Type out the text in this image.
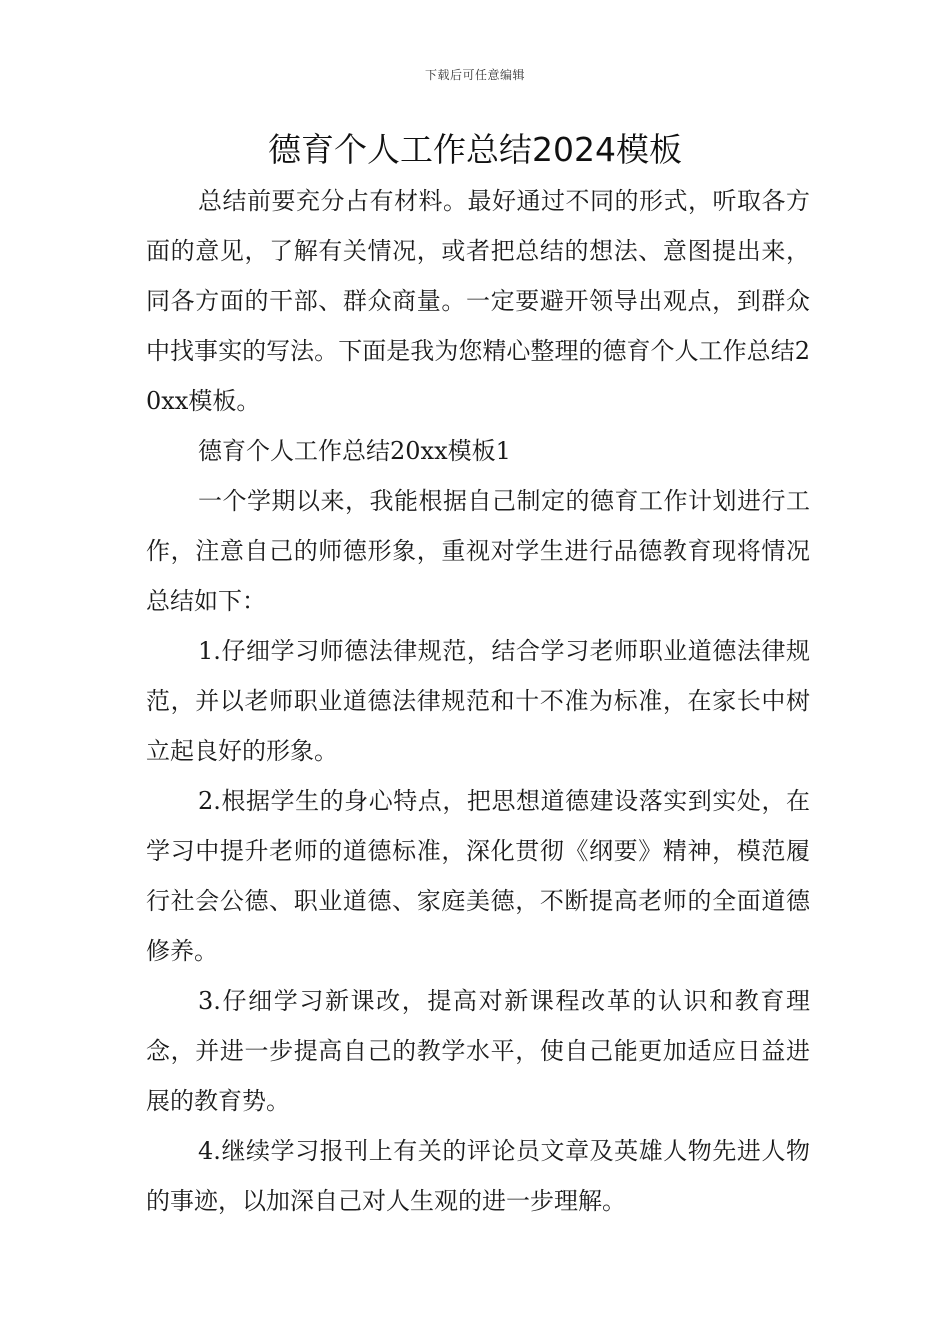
下载后可任意编辑
德育个人工作总结2024模板

总结前要充分占有材料。最好通过不同的形式，听取各方面的意见，了解有关情况，或者把总结的想法、意图提出来，同各方面的干部、群众商量。一定要避开领导出观点，到群众中找事实的写法。下面是我为您精心整理的德育个人工作总结20xx模板。

德育个人工作总结20xx模板1

一个学期以来，我能根据自己制定的德育工作计划进行工作，注意自己的师德形象，重视对学生进行品德教育现将情况总结如下：

1.仔细学习师德法律规范，结合学习老师职业道德法律规范，并以老师职业道德法律规范和十不准为标准，在家长中树立起良好的形象。

2.根据学生的身心特点，把思想道德建设落实到实处，在学习中提升老师的道德标准，深化贯彻《纲要》精神，模范履行社会公德、职业道德、家庭美德，不断提高老师的全面道德修养。

3.仔细学习新课改，提高对新课程改革的认识和教育理念，并进一步提高自己的教学水平，使自己能更加适应日益进展的教育势。

4.继续学习报刊上有关的评论员文章及英雄人物先进人物的事迹，以加深自己对人生观的进一步理解。
